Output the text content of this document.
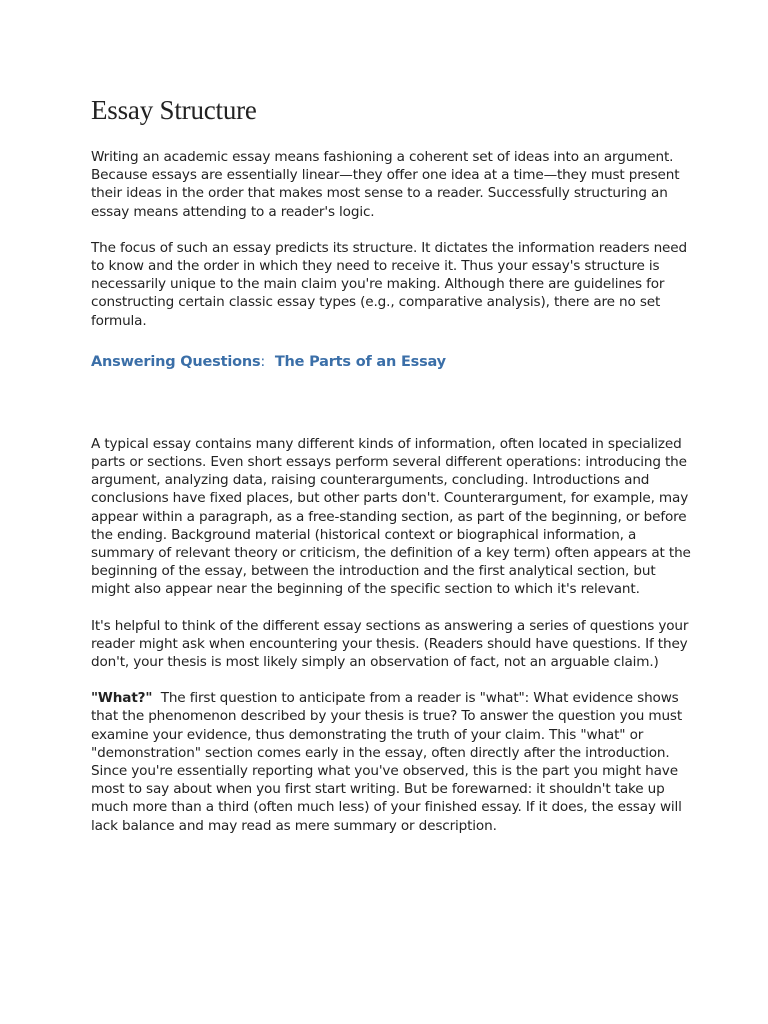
Essay Structure

Writing an academic essay means fashioning a coherent set of ideas into an argument. Because essays are essentially linear—they offer one idea at a time—they must present their ideas in the order that makes most sense to a reader. Successfully structuring an essay means attending to a reader's logic.

The focus of such an essay predicts its structure. It dictates the information readers need to know and the order in which they need to receive it. Thus your essay's structure is necessarily unique to the main claim you're making. Although there are guidelines for constructing certain classic essay types (e.g., comparative analysis), there are no set formula.

Answering Questions: The Parts of an Essay

A typical essay contains many different kinds of information, often located in specialized parts or sections. Even short essays perform several different operations: introducing the argument, analyzing data, raising counterarguments, concluding. Introductions and conclusions have fixed places, but other parts don't. Counterargument, for example, may appear within a paragraph, as a free-standing section, as part of the beginning, or before the ending. Background material (historical context or biographical information, a summary of relevant theory or criticism, the definition of a key term) often appears at the beginning of the essay, between the introduction and the first analytical section, but might also appear near the beginning of the specific section to which it's relevant.

It's helpful to think of the different essay sections as answering a series of questions your reader might ask when encountering your thesis. (Readers should have questions. If they don't, your thesis is most likely simply an observation of fact, not an arguable claim.)

"What?" The first question to anticipate from a reader is "what": What evidence shows that the phenomenon described by your thesis is true? To answer the question you must examine your evidence, thus demonstrating the truth of your claim. This "what" or "demonstration" section comes early in the essay, often directly after the introduction. Since you're essentially reporting what you've observed, this is the part you might have most to say about when you first start writing. But be forewarned: it shouldn't take up much more than a third (often much less) of your finished essay. If it does, the essay will lack balance and may read as mere summary or description.
